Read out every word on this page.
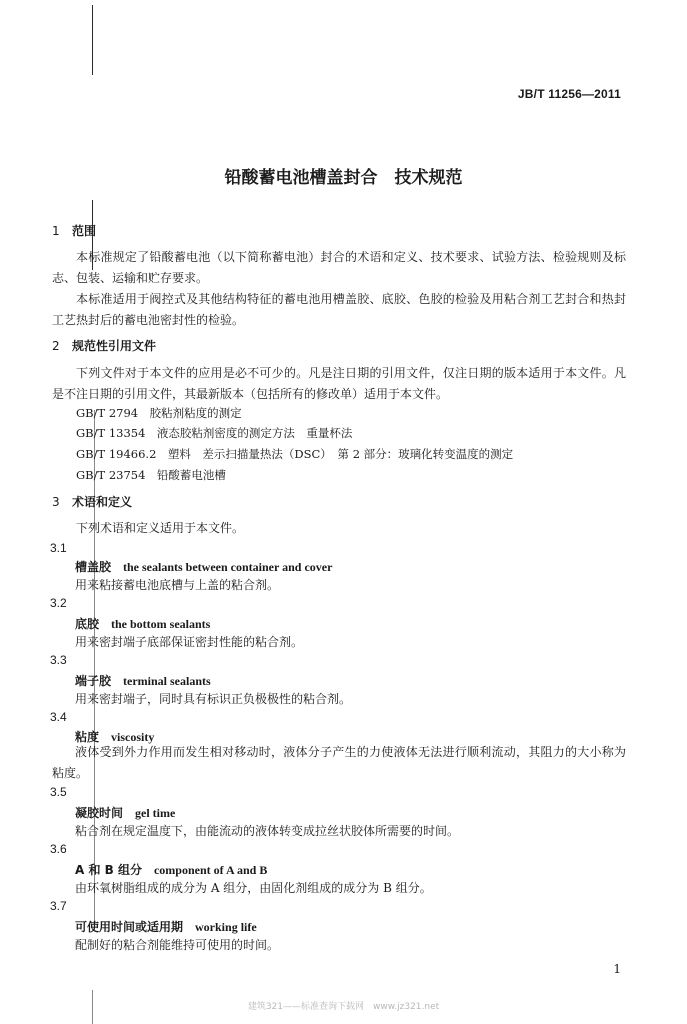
JB/T 11256—2011
铅酸蓄电池槽盖封合　技术规范
1 范围
本标准规定了铅酸蓄电池（以下简称蓄电池）封合的术语和定义、技术要求、试验方法、检验规则及标志、包装、运输和贮存要求。
本标准适用于阀控式及其他结构特征的蓄电池用槽盖胶、底胶、色胶的检验及用粘合剂工艺封合和热封工艺热封后的蓄电池密封性的检验。
2 规范性引用文件
下列文件对于本文件的应用是必不可少的。凡是注日期的引用文件，仅注日期的版本适用于本文件。凡是不注日期的引用文件，其最新版本（包括所有的修改单）适用于本文件。
GB/T 2794　胶粘剂粘度的测定
GB/T 13354　液态胶粘剂密度的测定方法　重量杯法
GB/T 19466.2　塑料　差示扫描量热法（DSC）　第 2 部分：玻璃化转变温度的测定
GB/T 23754　铅酸蓄电池槽
3 术语和定义
下列术语和定义适用于本文件。
3.1
槽盖胶 the sealants between container and cover
用来粘接蓄电池底槽与上盖的粘合剂。
3.2
底胶 the bottom sealants
用来密封端子底部保证密封性能的粘合剂。
3.3
端子胶 terminal sealants
用来密封端子，同时具有标识正负极极性的粘合剂。
3.4
粘度 viscosity
液体受到外力作用而发生相对移动时，液体分子产生的力使液体无法进行顺利流动，其阻力的大小称为粘度。
3.5
凝胶时间 gel time
粘合剂在规定温度下，由能流动的液体转变成拉丝状胶体所需要的时间。
3.6
A 和 B 组分 component of A and B
由环氧树脂组成的成分为 A 组分，由固化剂组成的成分为 B 组分。
3.7
可使用时间或适用期 working life
配制好的粘合剂能维持可使用的时间。
1
建筑321——标准查询下载网　www.jz321.net
